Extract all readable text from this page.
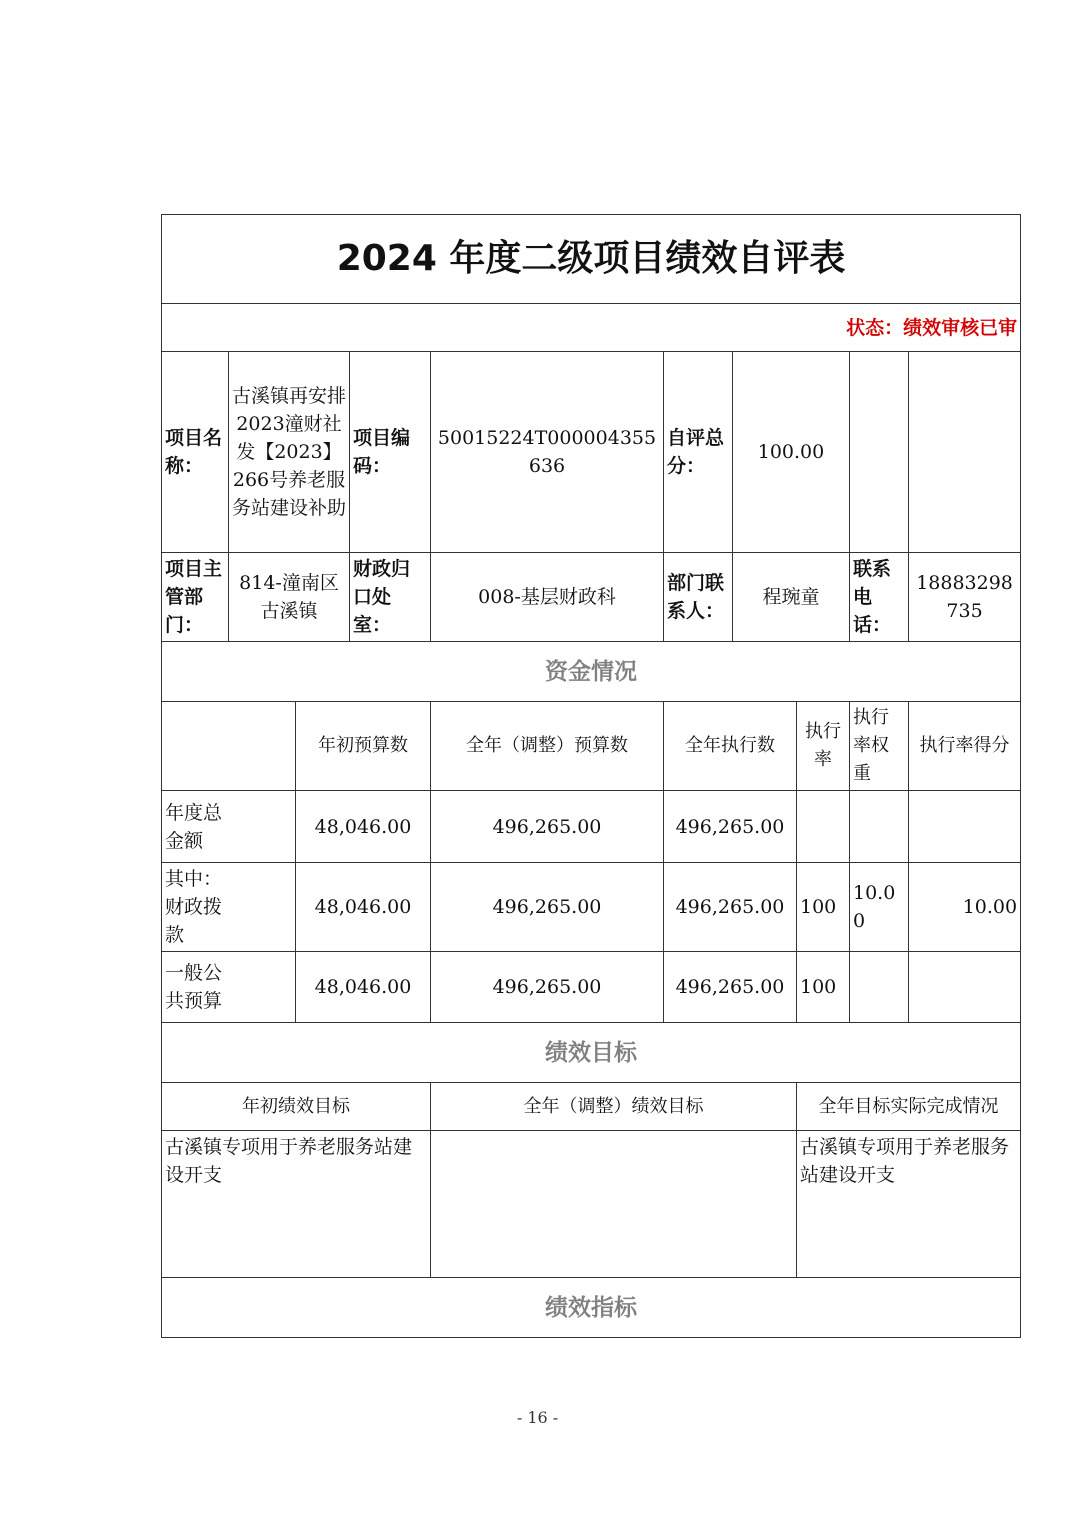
2024 年度二级项目绩效自评表									
状态：绩效审核已审									
项目名称：	古溪镇再安排2023潼财社发【2023】266号养老服务站建设补助		项目编码：	50015224T000004355636	自评总分：	100.00			
项目主管部门：	814-潼南区古溪镇		财政归口处室：	008-基层财政科	部门联系人：	程琬童		联系电话：	18883298735
资金情况									
		年初预算数		全年（调整）预算数	全年执行数		执行率	执行率权重	执行率得分
年度总金额		48,046.00		496,265.00	496,265.00				
其中：财政拨款		48,046.00		496,265.00	496,265.00		100	10.00	10.00
一般公共预算		48,046.00		496,265.00	496,265.00		100		
绩效目标									
年初绩效目标				全年（调整）绩效目标			全年目标实际完成情况		
古溪镇专项用于养老服务站建设开支							古溪镇专项用于养老服务站建设开支		
绩效指标									
- 16 -
